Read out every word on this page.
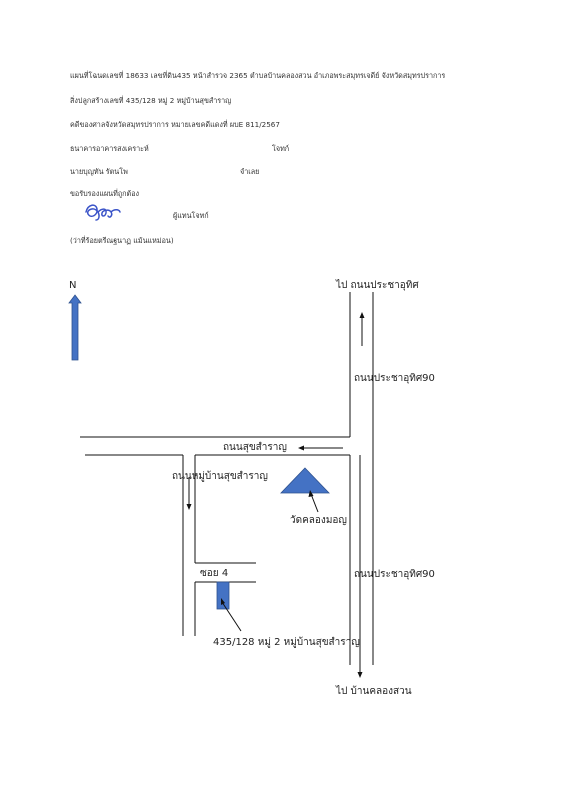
แผนที่โฉนดเลขที่ 18633 เลขที่ดิน435 หน้าสำรวจ 2365 ตำบลบ้านคลองสวน อำเภอพระสมุทรเจดีย์ จังหวัดสมุทรปราการ
สิ่งปลูกสร้างเลขที่ 435/128 หมู่ 2 หมู่บ้านสุขสำราญ
คดีของศาลจังหวัดสมุทรปราการ หมายเลขคดีแดงที่ ผบE 811/2567
ธนาคารอาคารสงเคราะห์	โจทก์
นายบุญทัน รัตนโพ	จำเลย
ขอรับรองแผนที่ถูกต้อง
ผู้แทนโจทก์
(ว่าที่ร้อยตรีณฐนาฏ แม้นแหม่อน)
N	ไป ถนนประชาอุทิศ
ถนนประชาอุทิศ90
ถนนสุขสำราญ
ถนนหมู่บ้านสุขสำราญ
วัดคลองมอญ
ซอย 4	ถนนประชาอุทิศ90
435/128 หมู่ 2 หมู่บ้านสุขสำราญ
ไป บ้านคลองสวน
